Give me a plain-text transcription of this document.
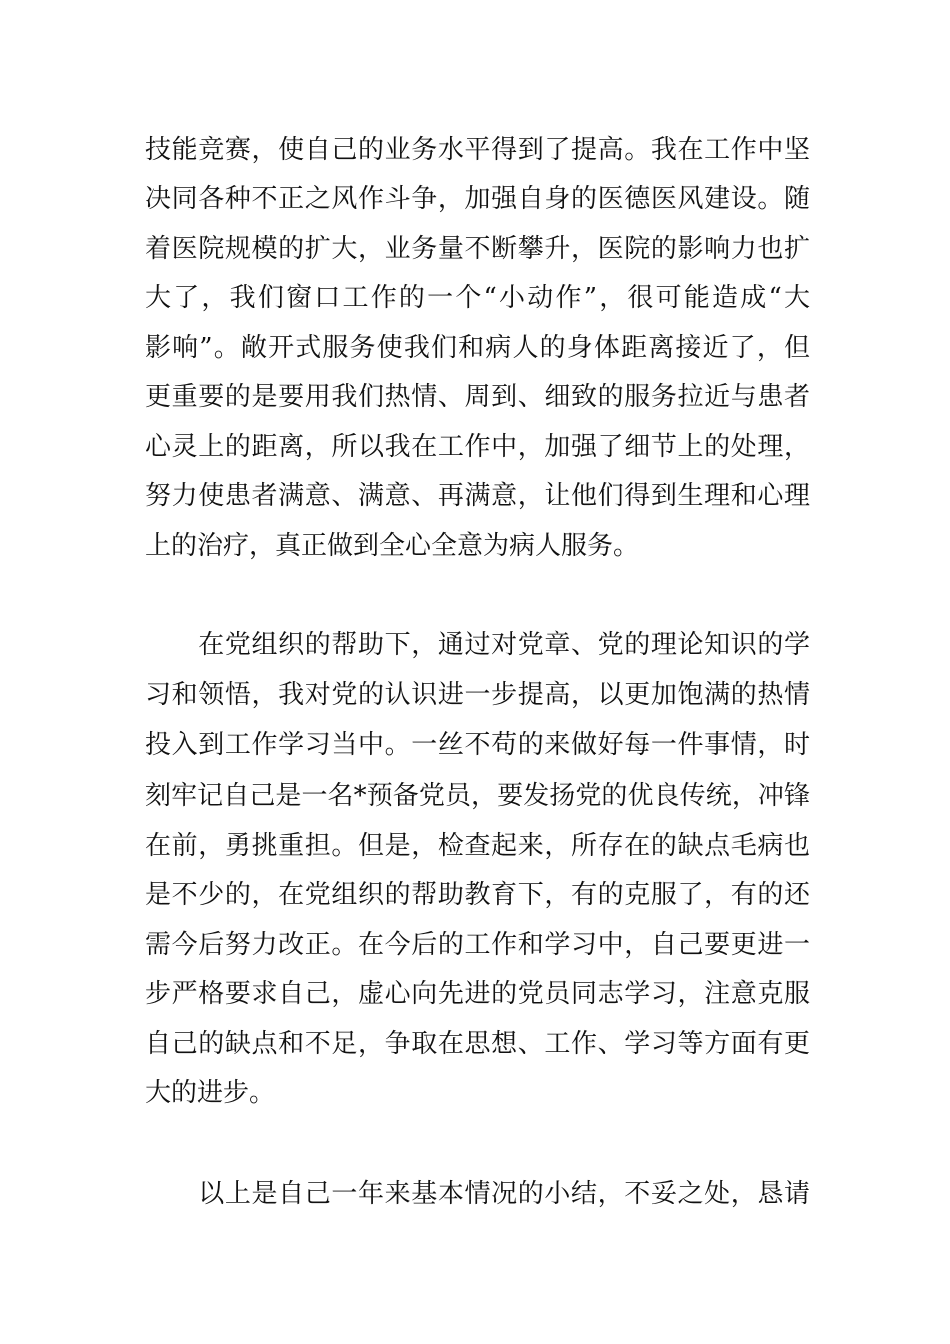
技能竞赛，使自己的业务水平得到了提高。我在工作中坚
决同各种不正之风作斗争，加强自身的医德医风建设。随
着医院规模的扩大，业务量不断攀升，医院的影响力也扩
大了，我们窗口工作的一个“小动作”，很可能造成“大
影响”。敞开式服务使我们和病人的身体距离接近了，但
更重要的是要用我们热情、周到、细致的服务拉近与患者
心灵上的距离，所以我在工作中，加强了细节上的处理，
努力使患者满意、满意、再满意，让他们得到生理和心理
上的治疗，真正做到全心全意为病人服务。
　　在党组织的帮助下，通过对党章、党的理论知识的学
习和领悟，我对党的认识进一步提高，以更加饱满的热情
投入到工作学习当中。一丝不苟的来做好每一件事情，时
刻牢记自己是一名*预备党员，要发扬党的优良传统，冲锋
在前，勇挑重担。但是，检查起来，所存在的缺点毛病也
是不少的，在党组织的帮助教育下，有的克服了，有的还
需今后努力改正。在今后的工作和学习中，自己要更进一
步严格要求自己，虚心向先进的党员同志学习，注意克服
自己的缺点和不足，争取在思想、工作、学习等方面有更
大的进步。
　　以上是自己一年来基本情况的小结，不妥之处，恳请
